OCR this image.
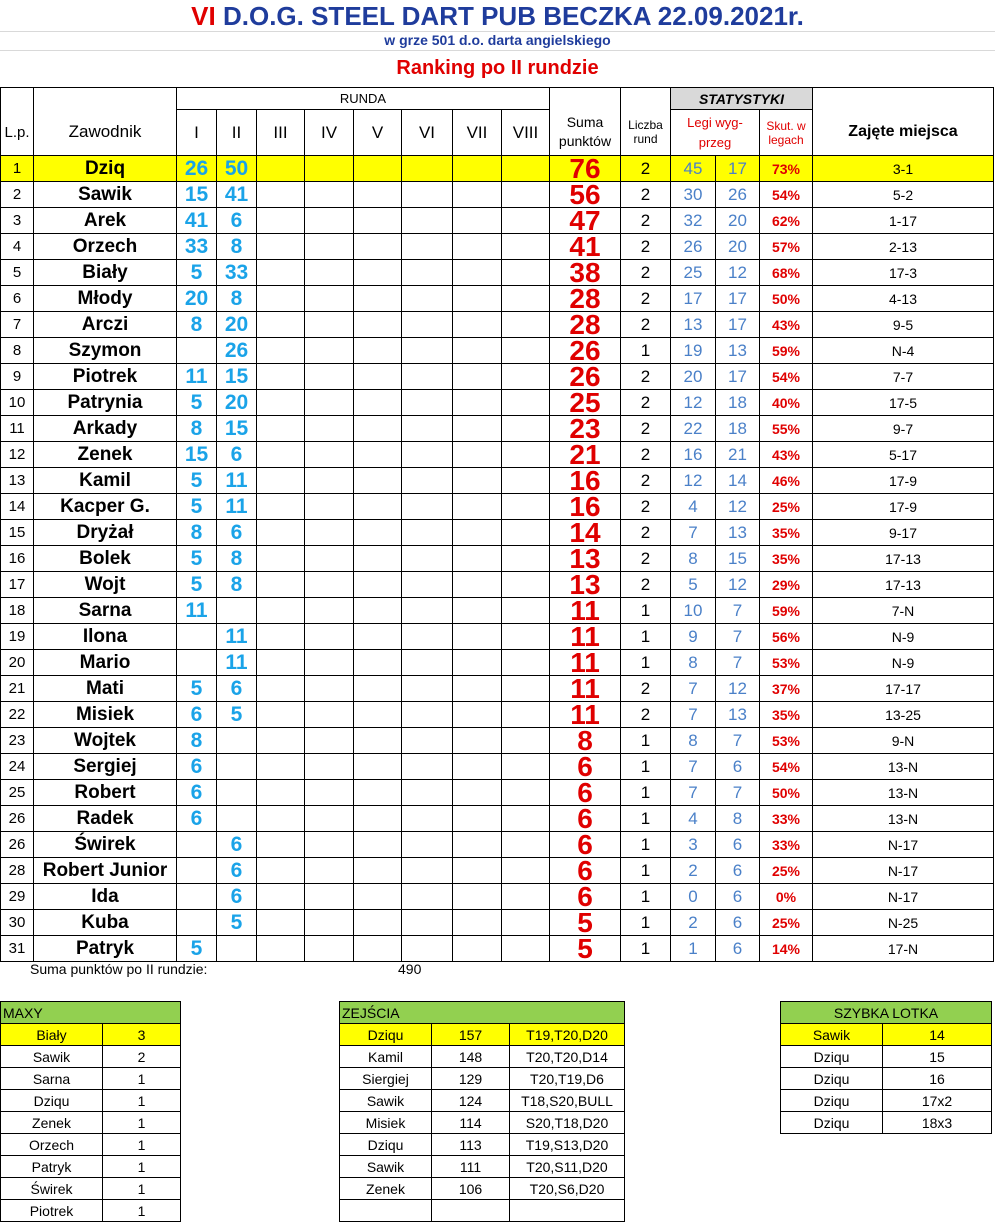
VI D.O.G. STEEL DART PUB BECZKA 22.09.2021r.
w grze 501 d.o. darta angielskiego
Ranking po II rundzie
		RUNDA										STATYSTYKI			
L.p.	Zawodnik	I	II	III	IV	V	VI	VII	VIII	Suma punktów	Liczba rund	Legi wyg-przeg		Skut. w legach	Zajęte miejsca
1	Dziq	26	50							76	2	45	17	73%	3-1
2	Sawik	15	41							56	2	30	26	54%	5-2
3	Arek	41	6							47	2	32	20	62%	1-17
4	Orzech	33	8							41	2	26	20	57%	2-13
5	Biały	5	33							38	2	25	12	68%	17-3
6	Młody	20	8							28	2	17	17	50%	4-13
7	Arczi	8	20							28	2	13	17	43%	9-5
8	Szymon		26							26	1	19	13	59%	N-4
9	Piotrek	11	15							26	2	20	17	54%	7-7
10	Patrynia	5	20							25	2	12	18	40%	17-5
11	Arkady	8	15							23	2	22	18	55%	9-7
12	Zenek	15	6							21	2	16	21	43%	5-17
13	Kamil	5	11							16	2	12	14	46%	17-9
14	Kacper G.	5	11							16	2	4	12	25%	17-9
15	Dryżał	8	6							14	2	7	13	35%	9-17
16	Bolek	5	8							13	2	8	15	35%	17-13
17	Wojt	5	8							13	2	5	12	29%	17-13
18	Sarna	11								11	1	10	7	59%	7-N
19	Ilona		11							11	1	9	7	56%	N-9
20	Mario		11							11	1	8	7	53%	N-9
21	Mati	5	6							11	2	7	12	37%	17-17
22	Misiek	6	5							11	2	7	13	35%	13-25
23	Wojtek	8								8	1	8	7	53%	9-N
24	Sergiej	6								6	1	7	6	54%	13-N
25	Robert	6								6	1	7	7	50%	13-N
26	Radek	6								6	1	4	8	33%	13-N
26	Świrek		6							6	1	3	6	33%	N-17
28	Robert Junior		6							6	1	2	6	25%	N-17
29	Ida		6							6	1	0	6	0%	N-17
30	Kuba		5							5	1	2	6	25%	N-25
31	Patryk	5								5	1	1	6	14%	17-N
Suma punktów po II rundzie:	490
MAXY	
Biały	3
Sawik	2
Sarna	1
Dziqu	1
Zenek	1
Orzech	1
Patryk	1
Świrek	1
Piotrek	1
ZEJŚCIA		
Dziqu	157	T19,T20,D20
Kamil	148	T20,T20,D14
Siergiej	129	T20,T19,D6
Sawik	124	T18,S20,BULL
Misiek	114	S20,T18,D20
Dziqu	113	T19,S13,D20
Sawik	111	T20,S11,D20
Zenek	106	T20,S6,D20

SZYBKA LOTKA	
Sawik	14
Dziqu	15
Dziqu	16
Dziqu	17x2
Dziqu	18x3
